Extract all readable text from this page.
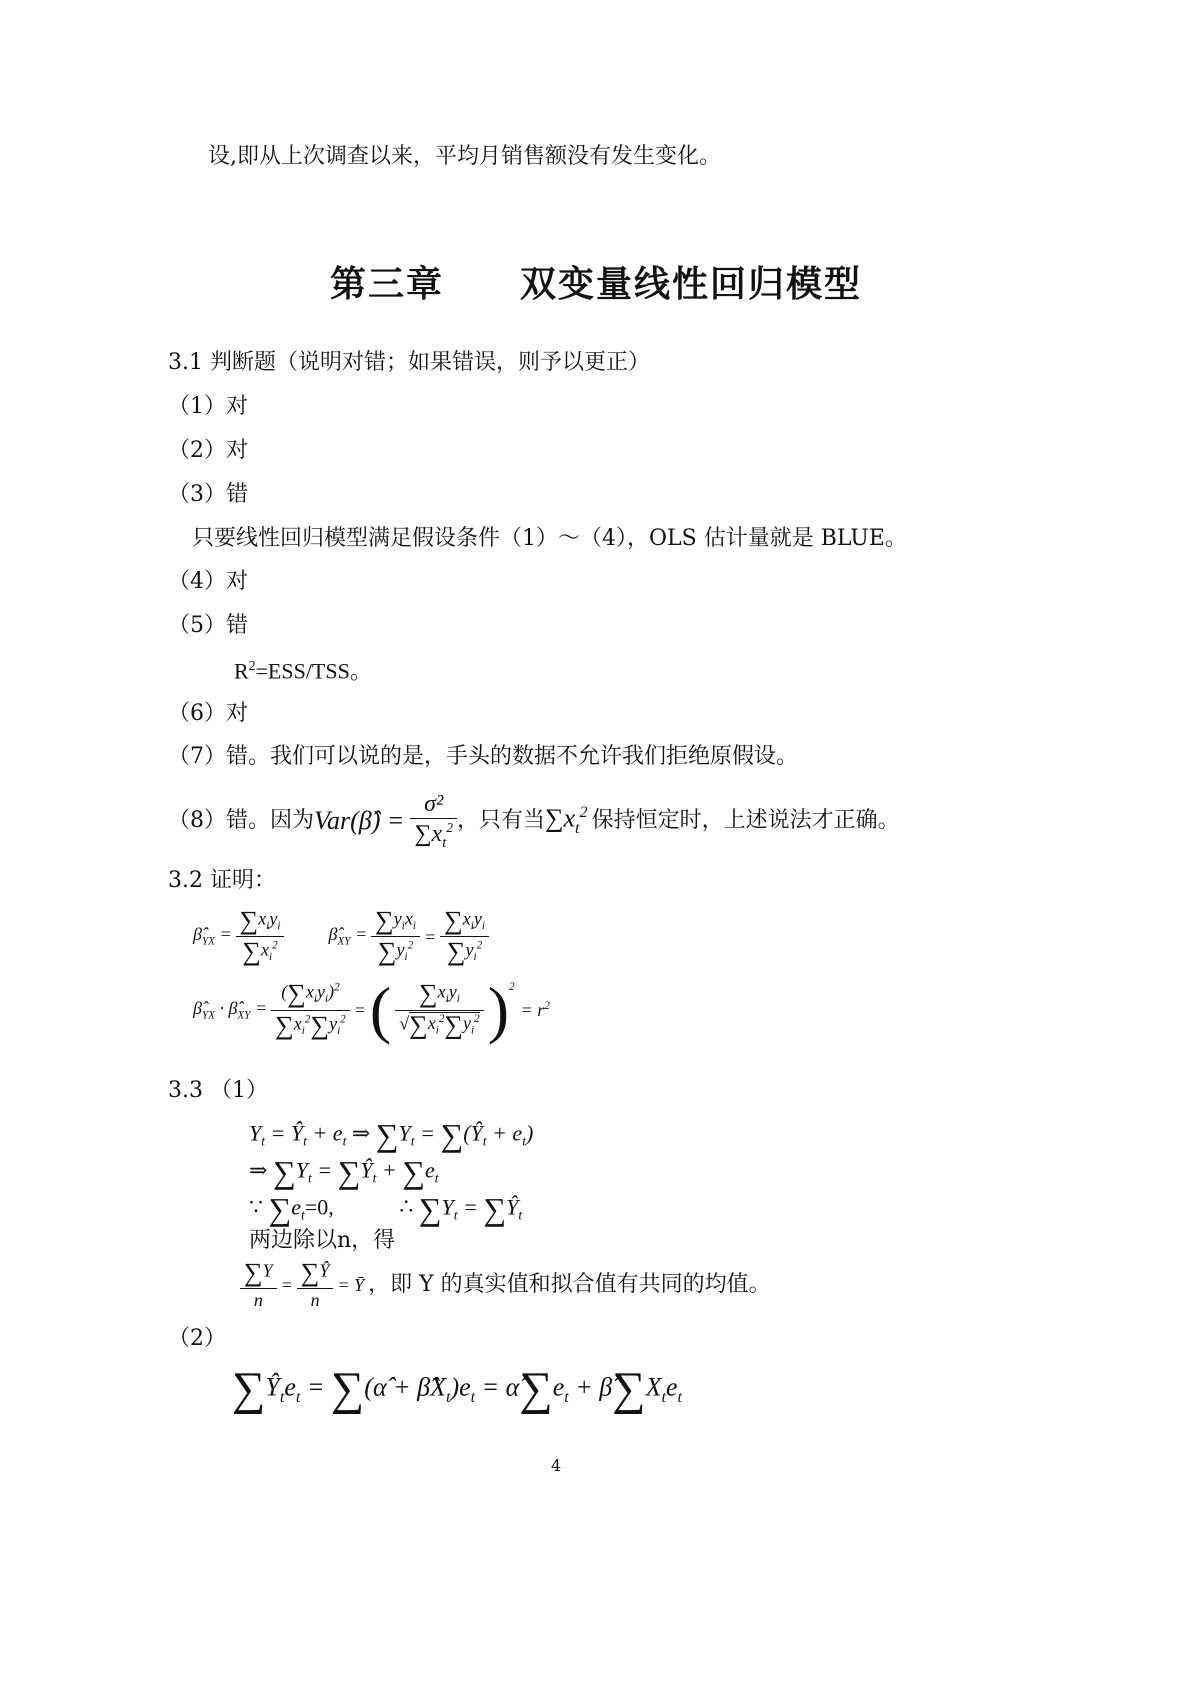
设,即从上次调查以来，平均月销售额没有发生变化。
第三章　　双变量线性回归模型
3.1 判断题（说明对错；如果错误，则予以更正）
（1）对
（2）对
（3）错
只要线性回归模型满足假设条件（1）～（4），OLS 估计量就是 BLUE。
（4）对
（5）错
$R^2=ESS$/TSS。
（6）对
（7）错。我们可以说的是，手头的数据不允许我们拒绝原假设。
（8）错。因为 Var(β̂) = $\frac{\text{σ²}}{\sum x_t^2}$ ，只有当 $\sum x_t^2$ 保持恒定时，上述说法才正确。
3.2 证明：
$\betâ_{YX} = \frac{\sum x_iy_i}{\sum x_i^2}$ $\betâ_{XY} = \frac{\sum y_ix_i}{\sum y_i^2} = \frac{\sum x_iy_i}{\sum y_i^2}$
$\betâ_{YX}$ · $\betâ_{XY} = \frac{(\sum x_iy_i)^2}{\sum x_i^2\sum y_i^2}$ = ( $\frac{\sum x_iy_i}{√\sum x_i^2\sum y_i^2} )^2$
= $r^2$
3.3 （1）
$Y_t$ = $Ŷ_t + e_t$ ⇒ $\sum Y_t$ = $\sum(Ŷ_t + e_t)$
⇒ $\sum Y_t$ = $\sum Ŷ_t + \sum e_t$
∵ $\sum e_t=0$,	∴ $\sum Y_t$ = $\sum Ŷ_t$
两边除以n，得
$\frac{\sum Y}{n} = \frac{\sum Ŷ}{n}$ = Ȳ ，即 Y 的真实值和拟合值有共同的均值。
（2）
$\sum Ŷ_te_t$ = ∑(α̂ + $\betâX_t)e_t$ = $\alphâ\sum e_t$ + $\betâ\sum X_te_t$
4
